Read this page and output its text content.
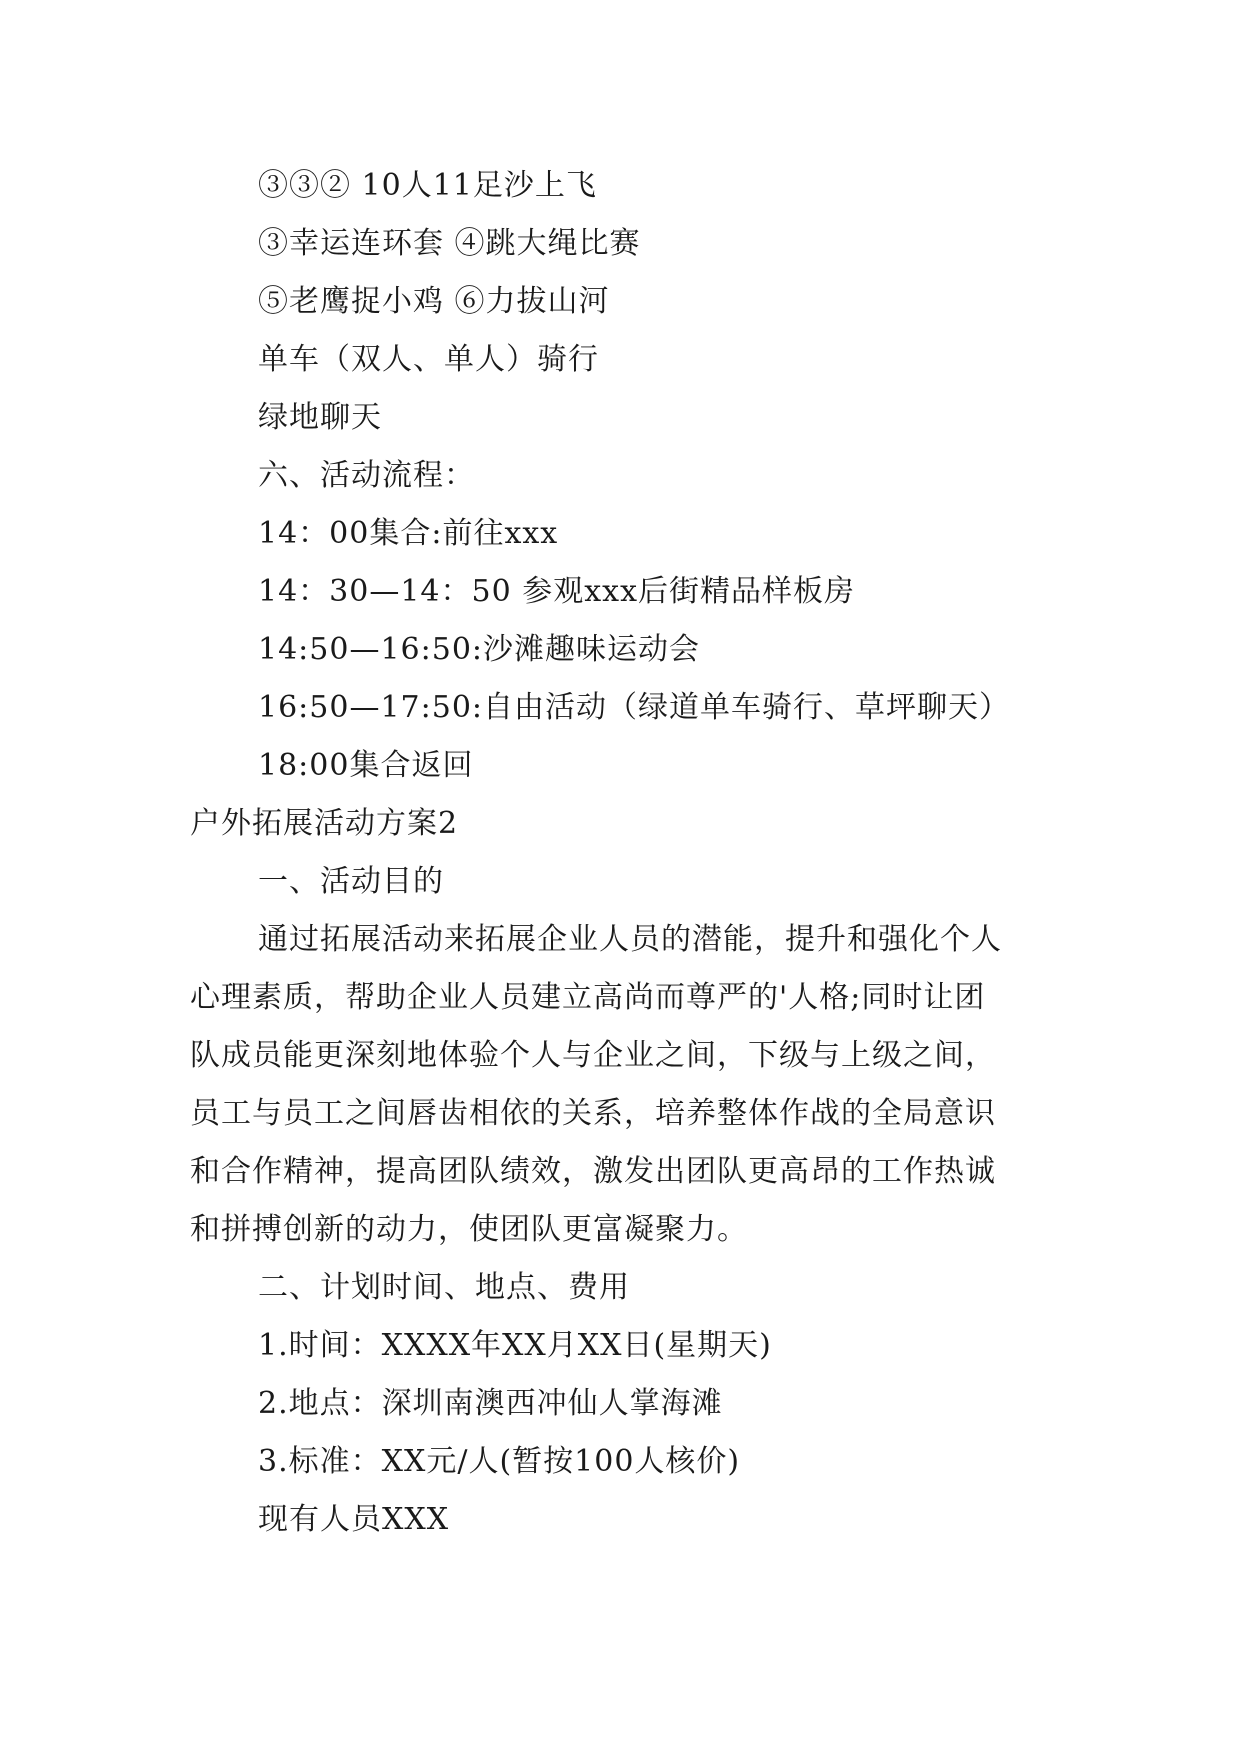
③③② 10人11足沙上飞
③幸运连环套 ④跳大绳比赛
⑤老鹰捉小鸡 ⑥力拔山河
单车（双人、单人）骑行
绿地聊天
六、活动流程：
14：00集合:前往xxx
14：30—14：50 参观xxx后街精品样板房
14:50—16:50:沙滩趣味运动会
16:50—17:50:自由活动（绿道单车骑行、草坪聊天）
18:00集合返回
户外拓展活动方案2
一、活动目的
通过拓展活动来拓展企业人员的潜能，提升和强化个人
心理素质，帮助企业人员建立高尚而尊严的'人格;同时让团
队成员能更深刻地体验个人与企业之间，下级与上级之间，
员工与员工之间唇齿相依的关系，培养整体作战的全局意识
和合作精神，提高团队绩效，激发出团队更高昂的工作热诚
和拼搏创新的动力，使团队更富凝聚力。
二、计划时间、地点、费用
1.时间：XXXX年XX月XX日(星期天)
2.地点：深圳南澳西冲仙人掌海滩
3.标准：XX元/人(暂按100人核价)
现有人员XXX
